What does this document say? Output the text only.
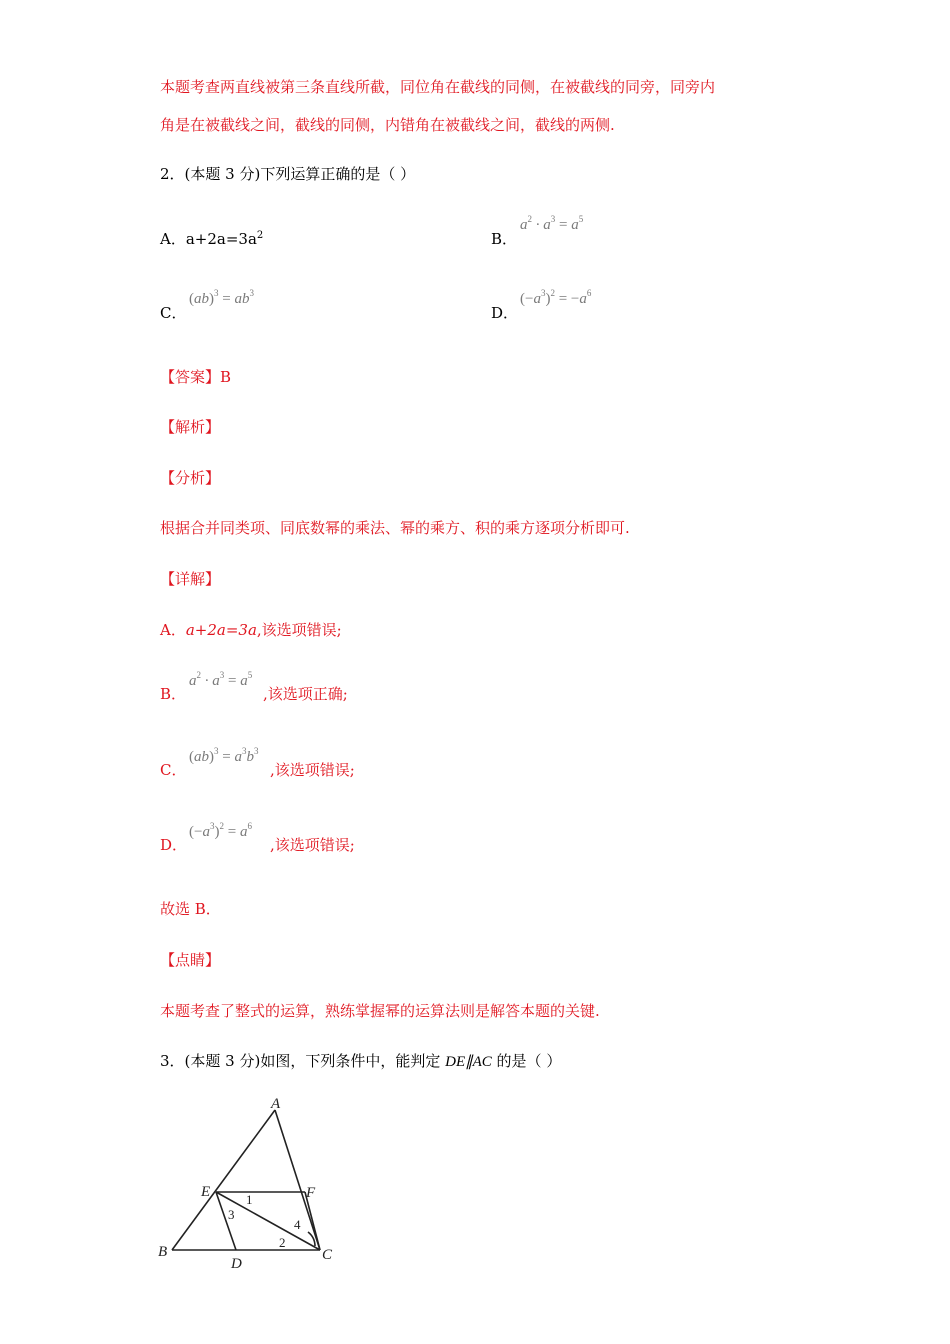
本题考查两直线被第三条直线所截，同位角在截线的同侧，在被截线的同旁，同旁内
角是在被截线之间，截线的同侧，内错角在被截线之间，截线的两侧.
2．(本题 3 分)下列运算正确的是（ ）
A．$a+2a=3a^2$	B．
$a^2 \cdot a^3 = a^5$
C．
$(ab)^3 = ab^3$
D．
$(-a^3)^2 = -a^6$
【答案】B
【解析】
【分析】
根据合并同类项、同底数幂的乘法、幂的乘方、积的乘方逐项分析即可.
【详解】
A．a+2a=3a,该选项错误;
B．
$a^2 \cdot a^3 = a^5$
,该选项正确;
C．
$(ab)^3 = a^3b^3$
,该选项错误;
D．
$(-a^3)^2 = a^6$
,该选项错误;
故选 B．
【点睛】
本题考查了整式的运算，熟练掌握幂的运算法则是解答本题的关键.
3．(本题 3 分)如图，下列条件中，能判定 DE∥AC 的是（ ）
A
B	C
D
E	F
1
2
3
4
